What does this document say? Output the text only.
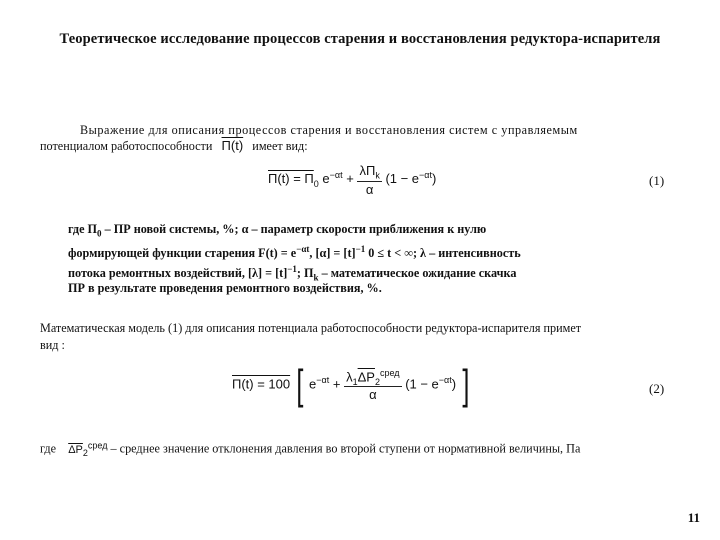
Теоретическое исследование процессов старения и восстановления редуктора-испарителя
Выражение для описания процессов старения и восстановления систем с управляемым
потенциалом работоспособности П(t) имеет вид:
$П(t) = П_0$ $e^{-\alpha t} + \frac{\lambda П_k}{\alpha} (1 - e^{-\alpha t})$	(1)
где $П_0$ – ПР новой системы, %; α – параметр скорости приближения к нулю
формирующей функции старения $F(t) = e^{-\alpha t}$, $[\alpha] = [t]^{-1}$ 0 ≤ t < ∞; λ – интенсивность
потока ремонтных воздействий, $[\lambda] = [t]^{-1}$; $П_k$ – математическое ожидание скачка
ПР в результате проведения ремонтного воздействия, %.
Математическая модель (1) для описания потенциала работоспособности редуктора-испарителя примет
вид :
П(t) = 100 [ $e^{-\alpha t} + \frac{\lambda_1\overline{\Delta P}_2^{сред}}{\alpha} (1 - e^{-\alpha t})$ ]	(2)
где $\overline{\Delta P}_2^{сред}$ – среднее значение отклонения давления во второй ступени от нормативной величины, Па
11
